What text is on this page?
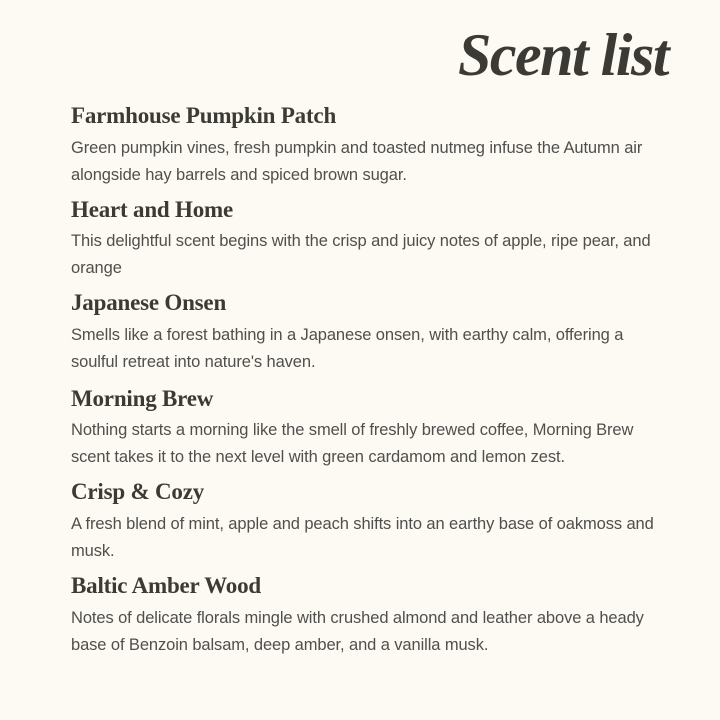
Scent list
Farmhouse Pumpkin Patch

Green pumpkin vines, fresh pumpkin and toasted nutmeg infuse the Autumn air alongside hay barrels and spiced brown sugar.

Heart and Home

This delightful scent begins with the crisp and juicy notes of apple, ripe pear, and orange

Japanese Onsen

Smells like a forest bathing in a Japanese onsen, with earthy calm, offering a soulful retreat into nature's haven.

Morning Brew

Nothing starts a morning like the smell of freshly brewed coffee, Morning Brew scent takes it to the next level with green cardamom and lemon zest.

Crisp & Cozy

A fresh blend of mint, apple and peach shifts into an earthy base of oakmoss and musk.

Baltic Amber Wood

Notes of delicate florals mingle with crushed almond and leather above a heady base of Benzoin balsam, deep amber, and a vanilla musk.
